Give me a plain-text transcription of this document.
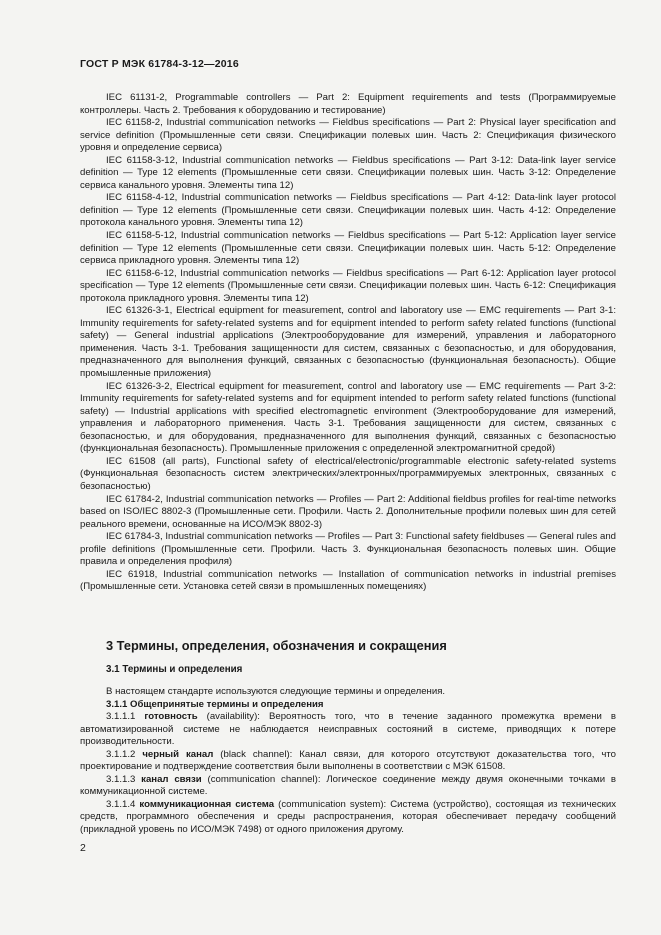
ГОСТ Р МЭК 61784-3-12—2016

IEC 61131-2, Programmable controllers — Part 2: Equipment requirements and tests (Программируемые контроллеры. Часть 2. Требования к оборудованию и тестирование)

IEC 61158-2, Industrial communication networks — Fieldbus specifications — Part 2: Physical layer specification and service definition (Промышленные сети связи. Спецификации полевых шин. Часть 2: Спецификация физического уровня и определение сервиса)

IEC 61158-3-12, Industrial communication networks — Fieldbus specifications — Part 3-12: Data-link layer service definition — Type 12 elements (Промышленные сети связи. Спецификации полевых шин. Часть 3-12: Определение сервиса канального уровня. Элементы типа 12)

IEC 61158-4-12, Industrial communication networks — Fieldbus specifications — Part 4-12: Data-link layer protocol definition — Type 12 elements (Промышленные сети связи. Спецификации полевых шин. Часть 4-12: Определение протокола канального уровня. Элементы типа 12)

IEC 61158-5-12, Industrial communication networks — Fieldbus specifications — Part 5-12: Application layer service definition — Type 12 elements (Промышленные сети связи. Спецификации полевых шин. Часть 5-12: Определение сервиса прикладного уровня. Элементы типа 12)

IEC 61158-6-12, Industrial communication networks — Fieldbus specifications — Part 6-12: Application layer protocol specification — Type 12 elements (Промышленные сети связи. Спецификации полевых шин. Часть 6-12: Спецификация протокола прикладного уровня. Элементы типа 12)

IEC 61326-3-1, Electrical equipment for measurement, control and laboratory use — EMC requirements — Part 3-1: Immunity requirements for safety-related systems and for equipment intended to perform safety related functions (functional safety) — General industrial applications (Электрооборудование для измерений, управления и лабораторного применения. Часть 3-1. Требования защищенности для систем, связанных с безопасностью, и для оборудования, предназначенного для выполнения функций, связанных с безопасностью (функциональная безопасность). Общие промышленные приложения)

IEC 61326-3-2, Electrical equipment for measurement, control and laboratory use — EMC requirements — Part 3-2: Immunity requirements for safety-related systems and for equipment intended to perform safety related functions (functional safety) — Industrial applications with specified electromagnetic environment (Электрооборудование для измерений, управления и лабораторного применения. Часть 3-1. Требования защищенности для систем, связанных с безопасностью, и для оборудования, предназначенного для выполнения функций, связанных с безопасностью (функциональная безопасность). Промышленные приложения с определенной электромагнитной средой)

IEC 61508 (all parts), Functional safety of electrical/electronic/programmable electronic safety-related systems (Функциональная безопасность систем электрических/электронных/программируемых электронных, связанных с безопасностью)

IEC 61784-2, Industrial communication networks — Profiles — Part 2: Additional fieldbus profiles for real-time networks based on ISO/IEC 8802-3 (Промышленные сети. Профили. Часть 2. Дополнительные профили полевых шин для сетей реального времени, основанные на ИСО/МЭК 8802-3)

IEC 61784-3, Industrial communication networks — Profiles — Part 3: Functional safety fieldbuses — General rules and profile definitions (Промышленные сети. Профили. Часть 3. Функциональная безопасность полевых шин. Общие правила и определения профиля)

IEC 61918, Industrial communication networks — Installation of communication networks in industrial premises (Промышленные сети. Установка сетей связи в промышленных помещениях)

3 Термины, определения, обозначения и сокращения
3.1 Термины и определения

В настоящем стандарте используются следующие термины и определения.

3.1.1 Общепринятые термины и определения

3.1.1.1 готовность (availability): Вероятность того, что в течение заданного промежутка времени в автоматизированной системе не наблюдается неисправных состояний в системе, приводящих к потере производительности.

3.1.1.2 черный канал (black channel): Канал связи, для которого отсутствуют доказательства того, что проектирование и подтверждение соответствия были выполнены в соответствии с МЭК 61508.

3.1.1.3 канал связи (communication channel): Логическое соединение между двумя оконечными точками в коммуникационной системе.

3.1.1.4 коммуникационная система (communication system): Система (устройство), состоящая из технических средств, программного обеспечения и среды распространения, которая обеспечивает передачу сообщений (прикладной уровень по ИСО/МЭК 7498) от одного приложения другому.

2
